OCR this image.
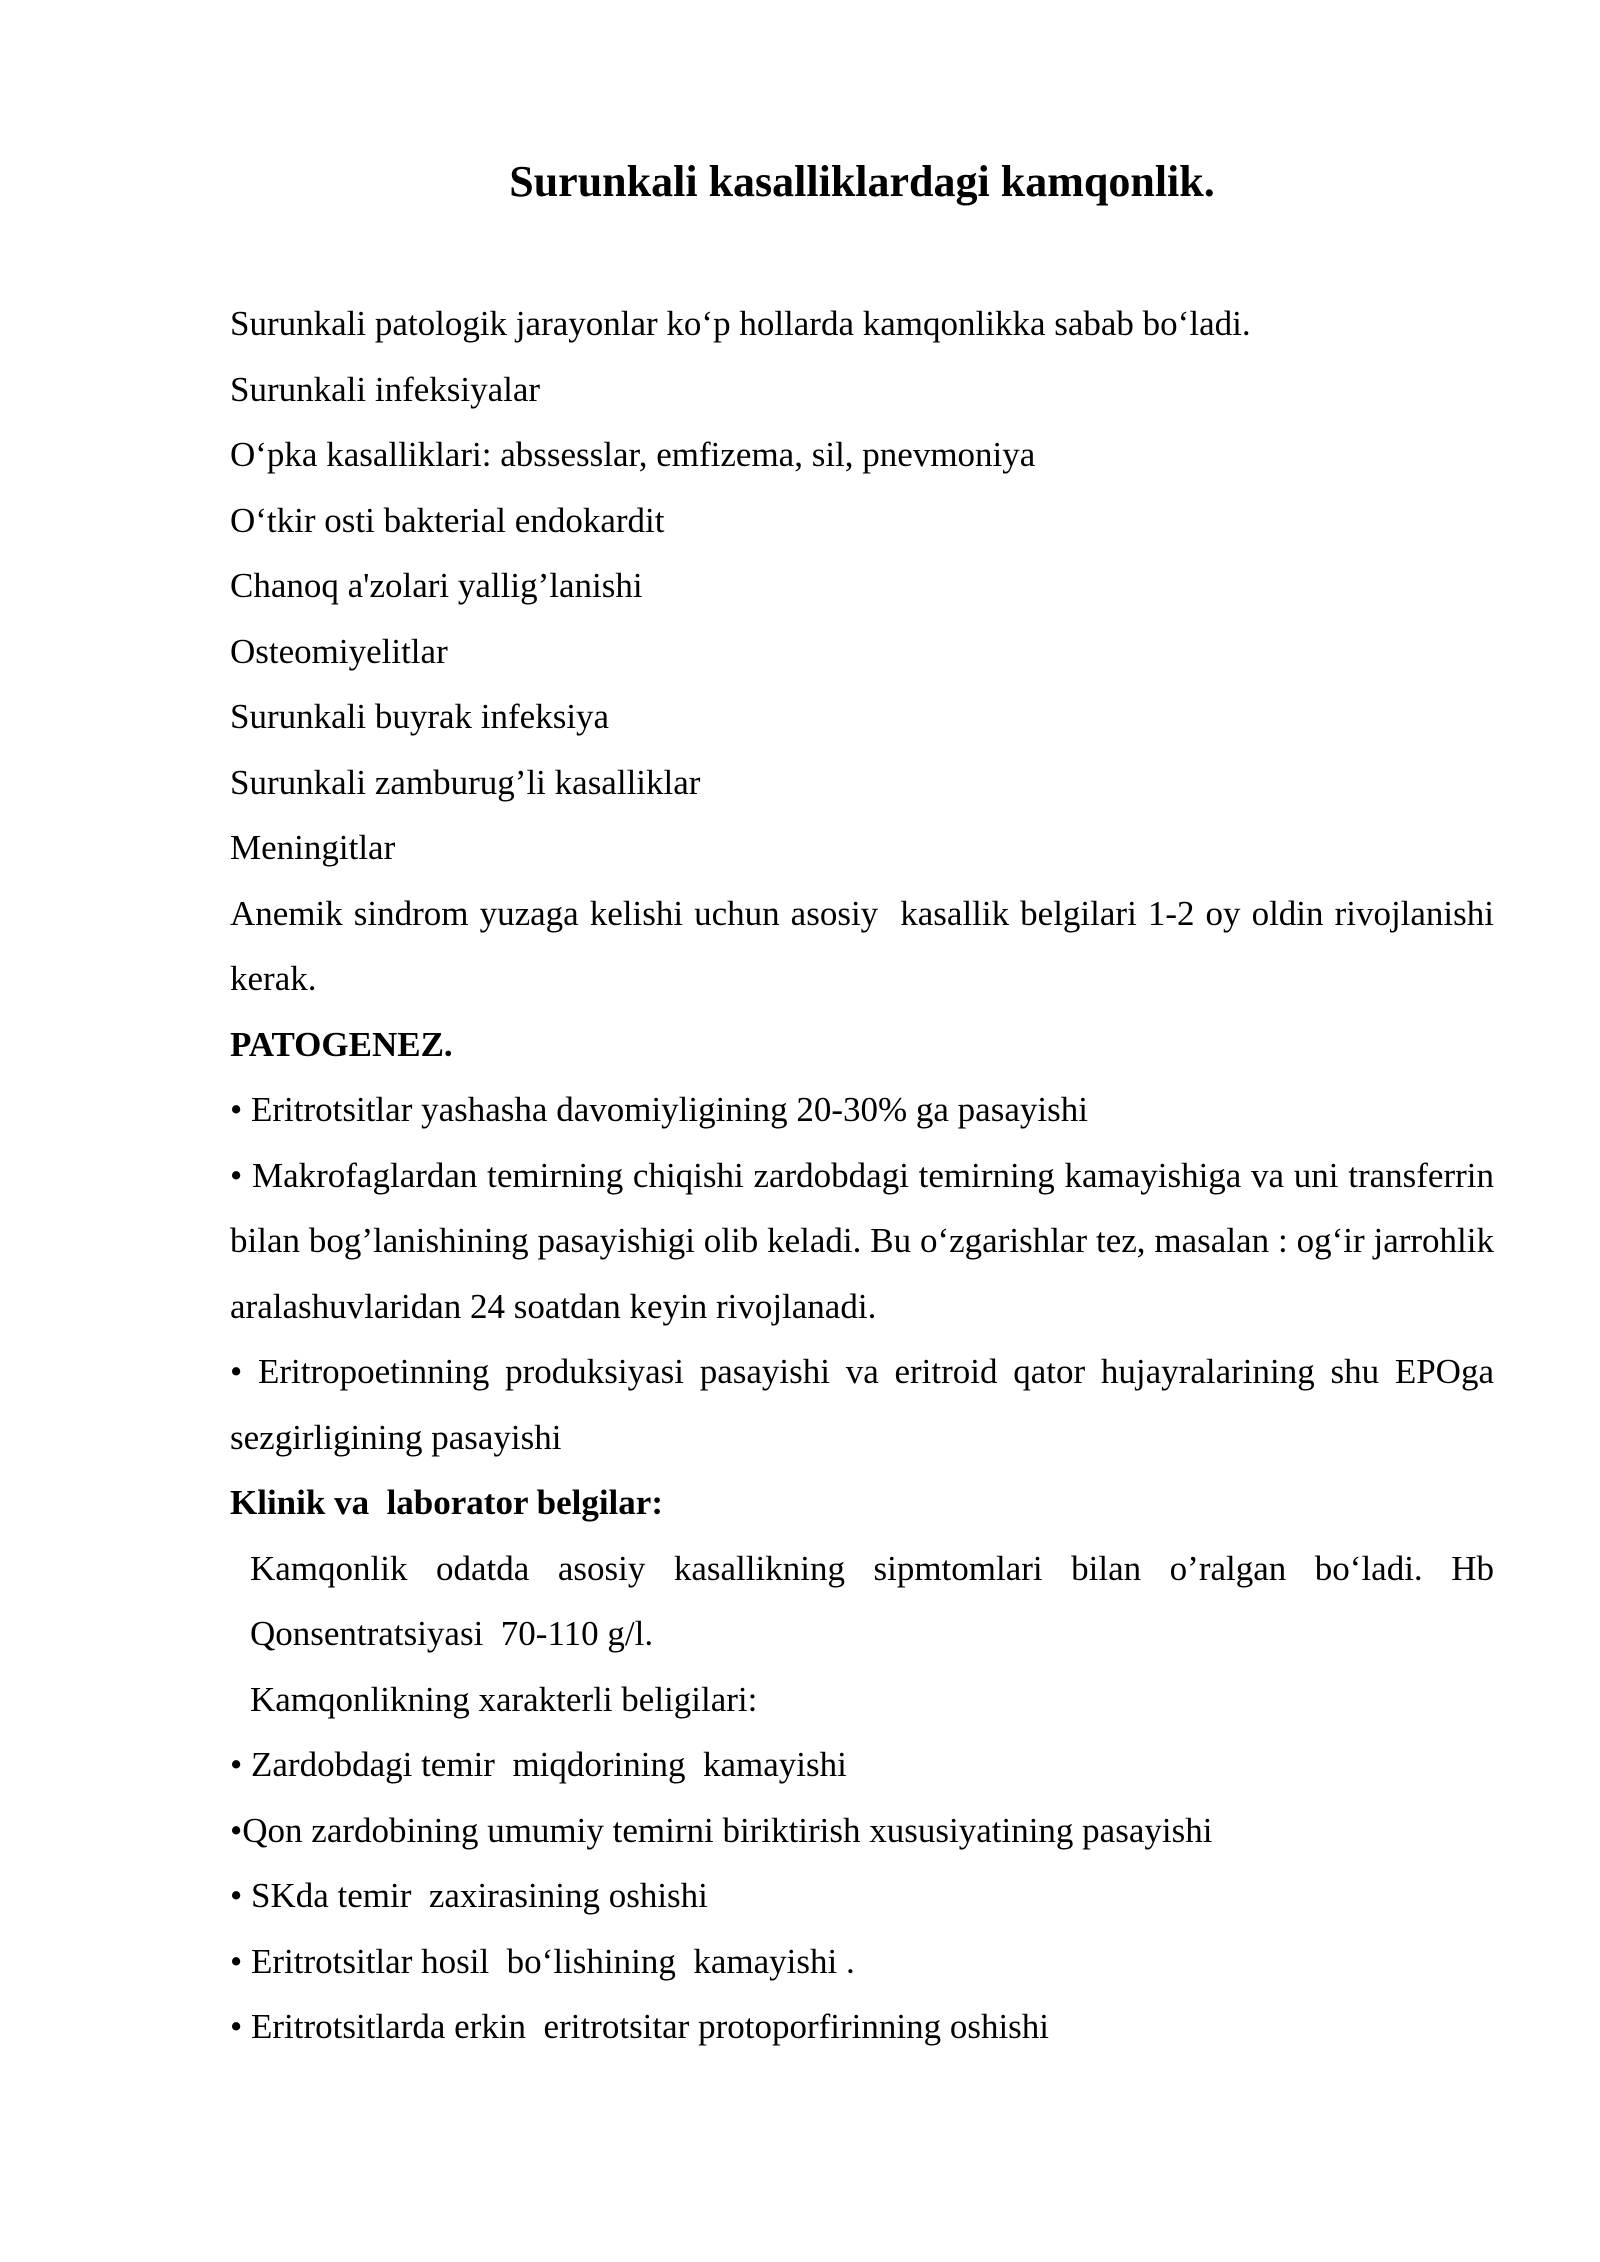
Surunkali kasalliklardagi kamqonlik.
Surunkali patologik jarayonlar ko‘p hollarda kamqonlikka sabab bo‘ladi.
Surunkali infeksiyalar
O‘pka kasalliklari: abssesslar, emfizema, sil, pnevmoniya
O‘tkir osti bakterial endokardit
Chanoq a'zolari yallig’lanishi
Osteomiyelitlar
Surunkali buyrak infeksiya
Surunkali zamburug’li kasalliklar
Meningitlar

Anemik sindrom yuzaga kelishi uchun asosiy  kasallik belgilari 1-2 oy oldin rivojlanishi kerak.

PATOGENEZ.
• Eritrotsitlar yashasha davomiyligining 20-30% ga pasayishi

• Makrofaglardan temirning chiqishi zardobdagi temirning kamayishiga va uni transferrin bilan bog’lanishining pasayishigi olib keladi. Bu o‘zgarishlar tez, masalan : og‘ir jarrohlik aralashuvlaridan 24 soatdan keyin rivojlanadi.

• Eritropoetinning produksiyasi pasayishi va eritroid qator hujayralarining shu EPOga sezgirligining pasayishi

Klinik va  laborator belgilar:

Kamqonlik odatda asosiy kasallikning sipmtomlari bilan o’ralgan bo‘ladi. Hb Qonsentratsiyasi  70-110 g/l.

Kamqonlikning xarakterli beligilari:
• Zardobdagi temir  miqdorining  kamayishi
•Qon zardobining umumiy temirni biriktirish xususiyatining pasayishi
• SKda temir  zaxirasining oshishi
• Eritrotsitlar hosil  bo‘lishining  kamayishi .
• Eritrotsitlarda erkin  eritrotsitar protoporfirinning oshishi
